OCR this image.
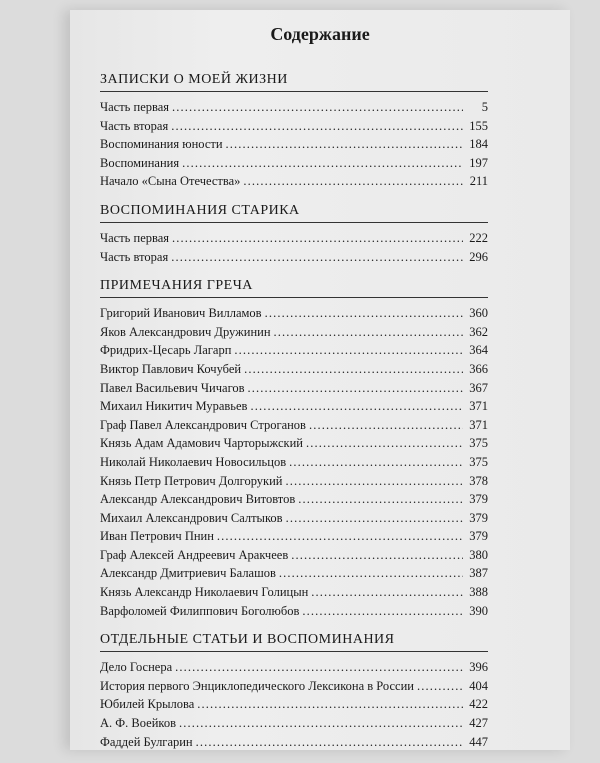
Содержание
ЗАПИСКИ О МОЕЙ ЖИЗНИ
Часть первая . . .	5
Часть вторая . . .	155
Воспоминания юности . . .	184
Воспоминания . . .	197
Начало «Сына Отечества» . . .	211
ВОСПОМИНАНИЯ СТАРИКА
Часть первая . . .	222
Часть вторая . . .	296
ПРИМЕЧАНИЯ ГРЕЧА
Григорий Иванович Вилламов . . .	360
Яков Александрович Дружинин . . .	362
Фридрих-Цесарь Лагарп . . .	364
Виктор Павлович Кочубей . . .	366
Павел Васильевич Чичагов . . .	367
Михаил Никитич Муравьев . . .	371
Граф Павел Александрович Строганов . . .	371
Князь Адам Адамович Чарторыжский . . .	375
Николай Николаевич Новосильцов . . .	375
Князь Петр Петрович Долгорукий . . .	378
Александр Александрович Витовтов . . .	379
Михаил Александрович Салтыков . . .	379
Иван Петрович Пнин . . .	379
Граф Алексей Андреевич Аракчеев . . .	380
Александр Дмитриевич Балашов . . .	387
Князь Александр Николаевич Голицын . . .	388
Варфоломей Филиппович Боголюбов . . .	390
ОТДЕЛЬНЫЕ СТАТЬИ И ВОСПОМИНАНИЯ
Дело Госнера . . .	396
История первого Энциклопедического Лексикона в России . . .	404
Юбилей Крылова . . .	422
А. Ф. Воейков . . .	427
Фаддей Булгарин . . .	447
